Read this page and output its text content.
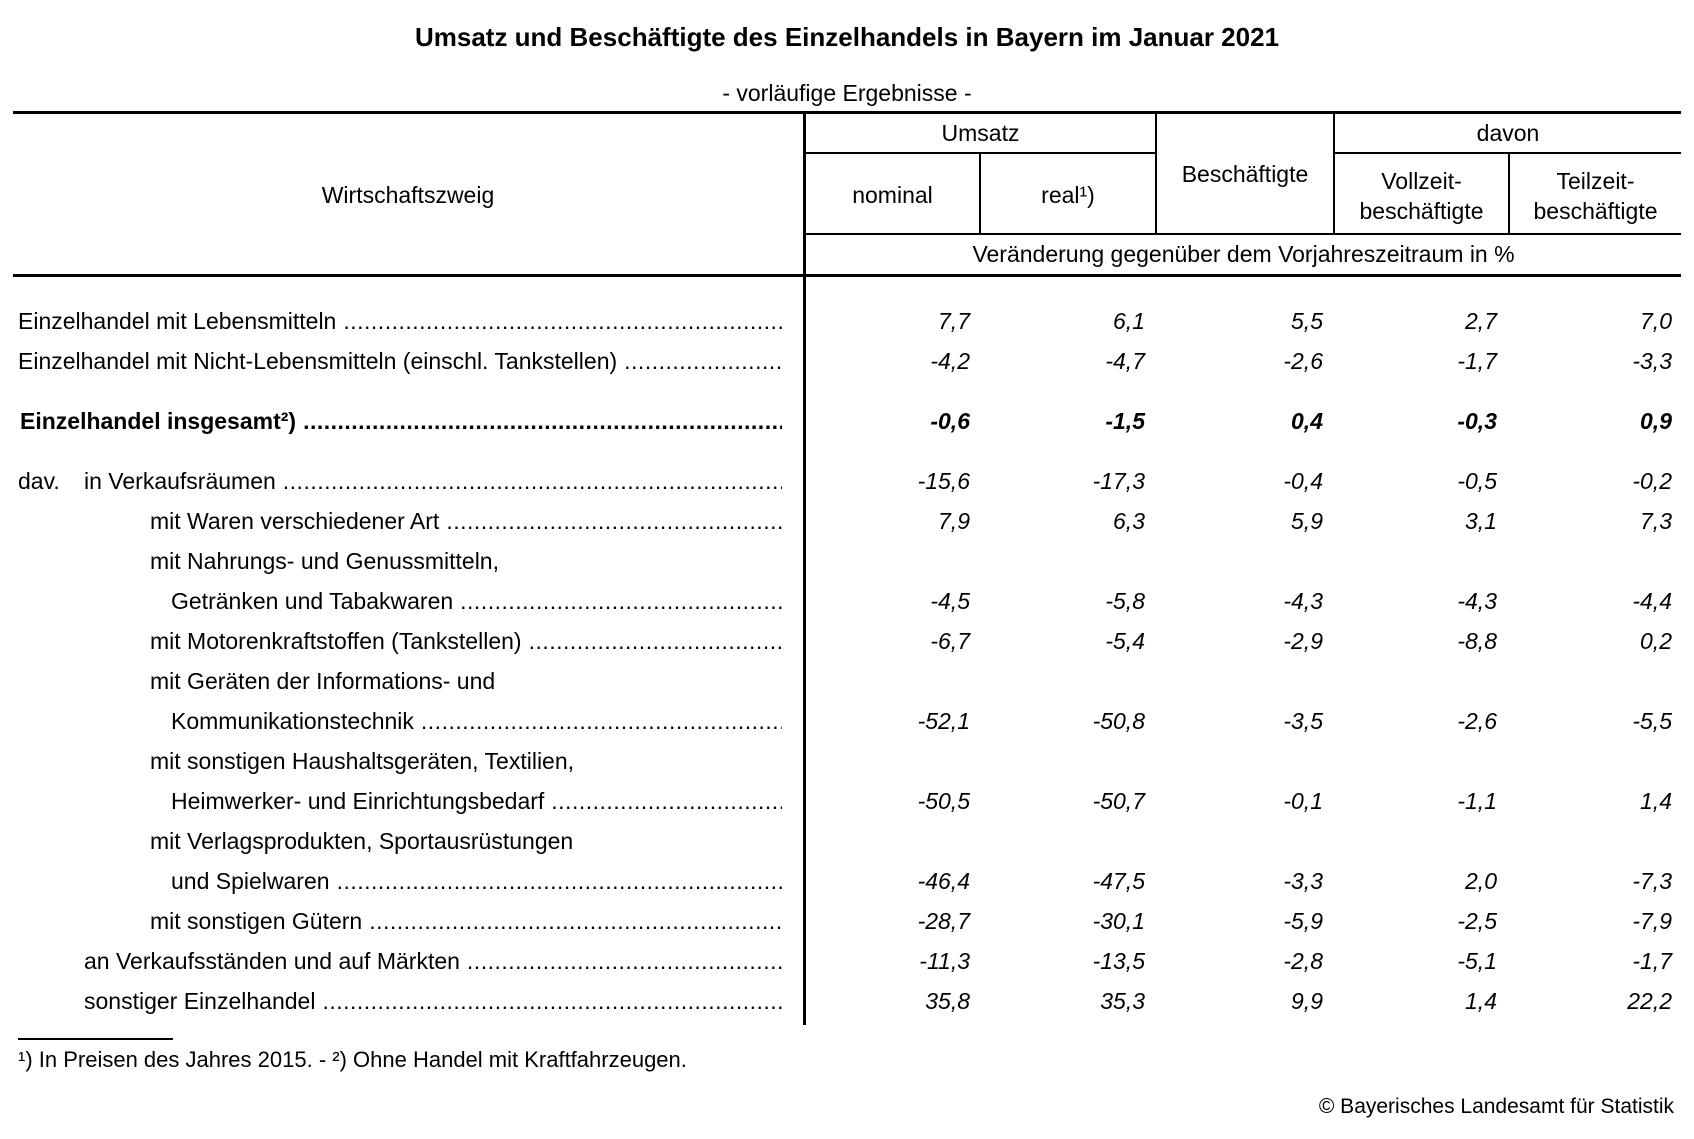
Umsatz und Beschäftigte des Einzelhandels in Bayern im Januar 2021
- vorläufige Ergebnisse -
Wirtschaftszweig
Umsatz
nominal	real¹)
Beschäftigte
davon
Vollzeit-
beschäftigte
Teilzeit-
beschäftigte
Veränderung gegenüber dem Vorjahreszeitraum in %
Einzelhandel mit Lebensmitteln .....	7,7	6,1	5,5	2,7	7,0
Einzelhandel mit Nicht-Lebensmitteln (einschl. Tankstellen) .....	-4,2	-4,7	-2,6	-1,7	-3,3
Einzelhandel insgesamt²) .....	-0,6	-1,5	0,4	-0,3	0,9
dav.	in Verkaufsräumen .....	-15,6	-17,3	-0,4	-0,5	-0,2
mit Waren verschiedener Art .....	7,9	6,3	5,9	3,1	7,3
mit Nahrungs- und Genussmitteln,
Getränken und Tabakwaren .....	-4,5	-5,8	-4,3	-4,3	-4,4
mit Motorenkraftstoffen (Tankstellen) .....	-6,7	-5,4	-2,9	-8,8	0,2
mit Geräten der Informations- und
Kommunikationstechnik .....	-52,1	-50,8	-3,5	-2,6	-5,5
mit sonstigen Haushaltsgeräten, Textilien,
Heimwerker- und Einrichtungsbedarf .....	-50,5	-50,7	-0,1	-1,1	1,4
mit Verlagsprodukten, Sportausrüstungen
und Spielwaren .....	-46,4	-47,5	-3,3	2,0	-7,3
mit sonstigen Gütern .....	-28,7	-30,1	-5,9	-2,5	-7,9
an Verkaufsständen und auf Märkten .....	-11,3	-13,5	-2,8	-5,1	-1,7
sonstiger Einzelhandel .....	35,8	35,3	9,9	1,4	22,2
¹) In Preisen des Jahres 2015. - ²) Ohne Handel mit Kraftfahrzeugen.
© Bayerisches Landesamt für Statistik
